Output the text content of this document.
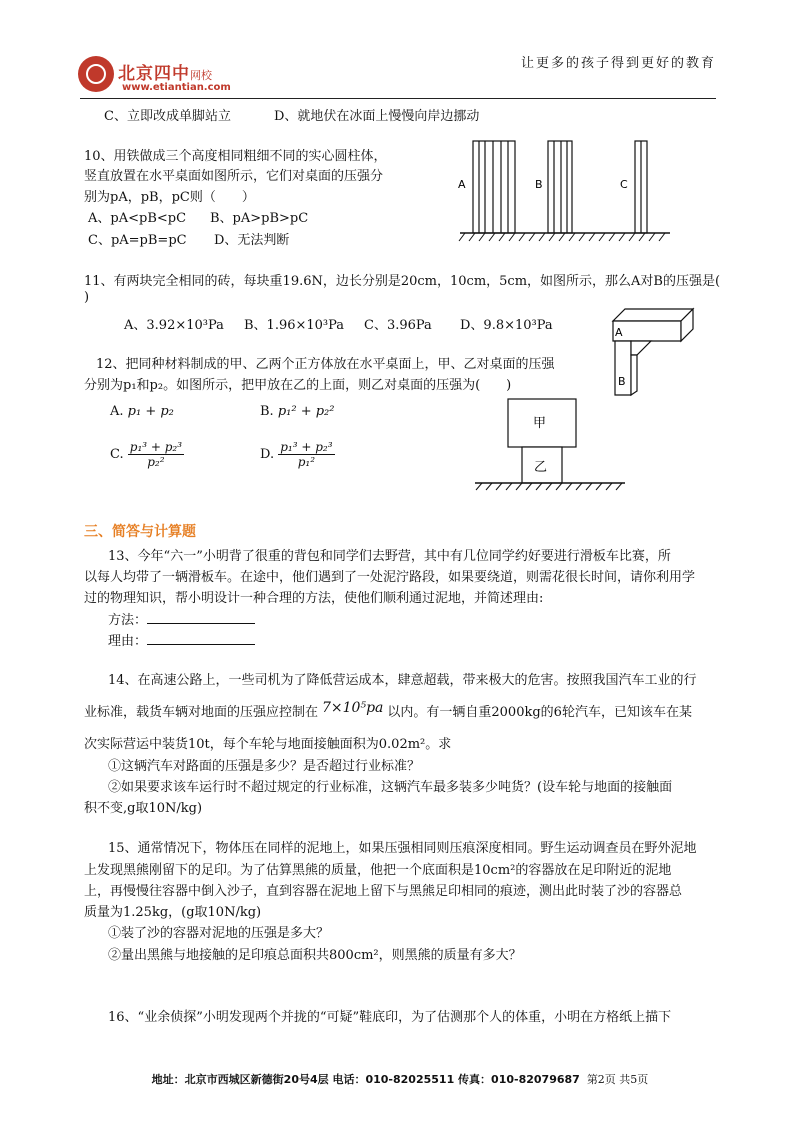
北京四中网校
www.etiantian.com
让更多的孩子得到更好的教育
C、立即改成单脚站立	D、就地伏在冰面上慢慢向岸边挪动
10、用铁做成三个高度相同粗细不同的实心圆柱体，
竖直放置在水平桌面如图所示，它们对桌面的压强分
别为pA，pB，pC则（　　）
A、pA<pB<pC B、pA>pB>pC
C、pA=pB=pC D、无法判断
A	B	C
11、有两块完全相同的砖，每块重19.6N，边长分别是20cm，10cm，5cm，如图所示，那么A对B的压强是(
)
A、3.92×10³Pa B、1.96×10³Pa C、3.96Pa D、9.8×10³Pa	A
B
12、把同种材料制成的甲、乙两个正方体放在水平桌面上，甲、乙对桌面的压强
分别为p₁和p₂。如图所示，把甲放在乙的上面，则乙对桌面的压强为(　　)
A. p₁ + p₂	B. p₁² + p₂²
C. $\frac{\text{p₁³ + p₂³}}{\text{p₂²}}$	D. $\frac{\text{p₁³ + p₂³}}{\text{p₁²}}$
甲
乙
三、简答与计算题
13、今年“六一”小明背了很重的背包和同学们去野营，其中有几位同学约好要进行滑板车比赛，所
以每人均带了一辆滑板车。在途中，他们遇到了一处泥泞路段，如果要绕道，则需花很长时间，请你利用学
过的物理知识，帮小明设计一种合理的方法，使他们顺利通过泥地，并简述理由:
方法：
理由：
14、在高速公路上，一些司机为了降低营运成本，肆意超载，带来极大的危害。按照我国汽车工业的行
业标准，载货车辆对地面的压强应控制在 7×10⁵pa 以内。有一辆自重2000kg的6轮汽车，已知该车在某
次实际营运中装货10t，每个车轮与地面接触面积为0.02m²。求
①这辆汽车对路面的压强是多少？是否超过行业标准？
②如果要求该车运行时不超过规定的行业标准，这辆汽车最多装多少吨货？(设车轮与地面的接触面
积不变,g取10N/kg)
15、通常情况下，物体压在同样的泥地上，如果压强相同则压痕深度相同。野生运动调查员在野外泥地
上发现黑熊刚留下的足印。为了估算黑熊的质量，他把一个底面积是10cm²的容器放在足印附近的泥地
上，再慢慢往容器中倒入沙子，直到容器在泥地上留下与黑熊足印相同的痕迹，测出此时装了沙的容器总
质量为1.25kg，(g取10N/kg)
①装了沙的容器对泥地的压强是多大？
②量出黑熊与地接触的足印痕总面积共800cm²，则黑熊的质量有多大？
16、“业余侦探”小明发现两个并拢的“可疑”鞋底印，为了估测那个人的体重，小明在方格纸上描下
地址：北京市西城区新德街20号4层 电话：010-82025511 传真：010-82079687 第2页 共5页
